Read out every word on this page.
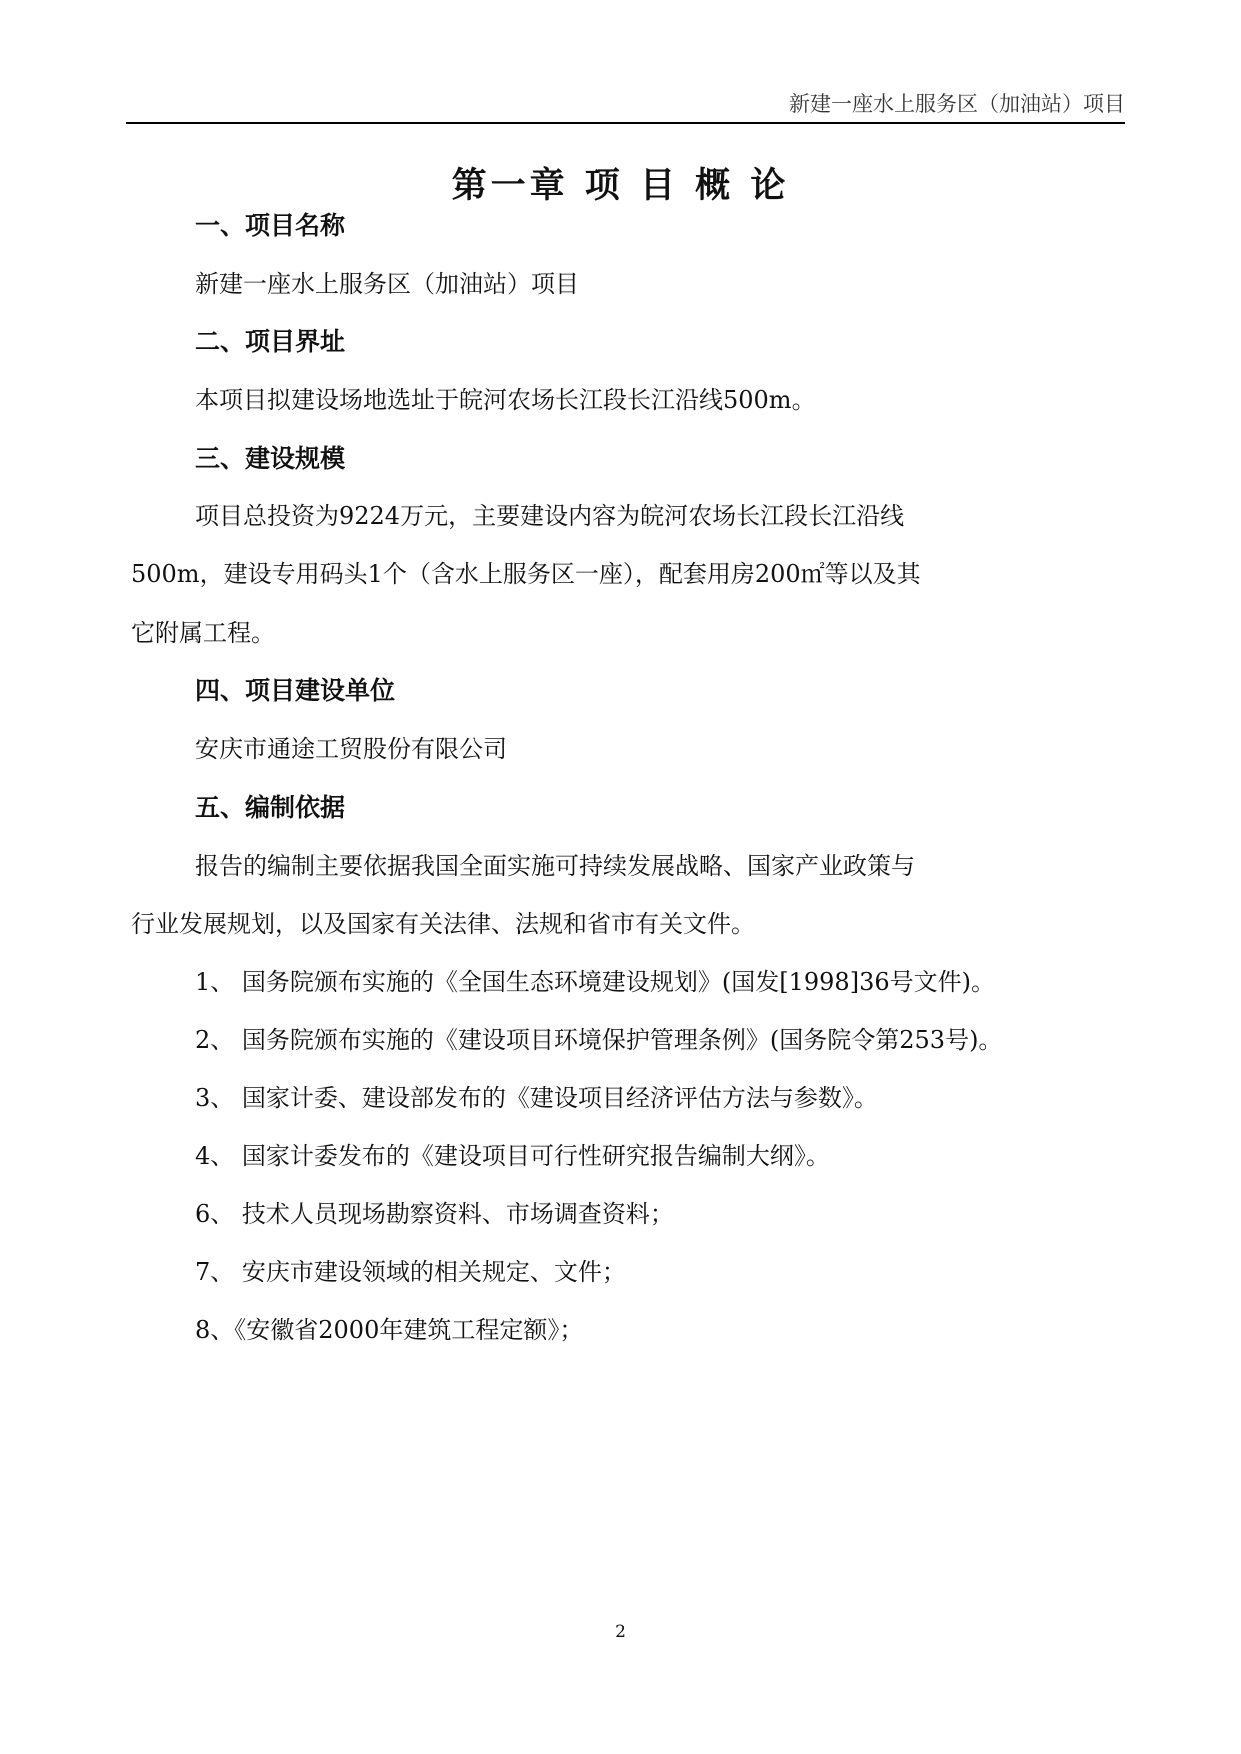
新建一座水上服务区（加油站）项目
第一章 项 目 概 论
一、项目名称
新建一座水上服务区（加油站）项目
二、项目界址
本项目拟建设场地选址于皖河农场长江段长江沿线500m。
三、建设规模
项目总投资为9224万元，主要建设内容为皖河农场长江段长江沿线
500m，建设专用码头1个（含水上服务区一座），配套用房200㎡等以及其
它附属工程。
四、项目建设单位
安庆市通途工贸股份有限公司
五、编制依据
报告的编制主要依据我国全面实施可持续发展战略、国家产业政策与
行业发展规划，以及国家有关法律、法规和省市有关文件。
1、 国务院颁布实施的《全国生态环境建设规划》(国发[1998]36号文件)。
2、 国务院颁布实施的《建设项目环境保护管理条例》(国务院令第253号)。
3、 国家计委、建设部发布的《建设项目经济评估方法与参数》。
4、 国家计委发布的《建设项目可行性研究报告编制大纲》。
6、 技术人员现场勘察资料、市场调查资料；
7、 安庆市建设领域的相关规定、文件；
8、《安徽省2000年建筑工程定额》；
2
